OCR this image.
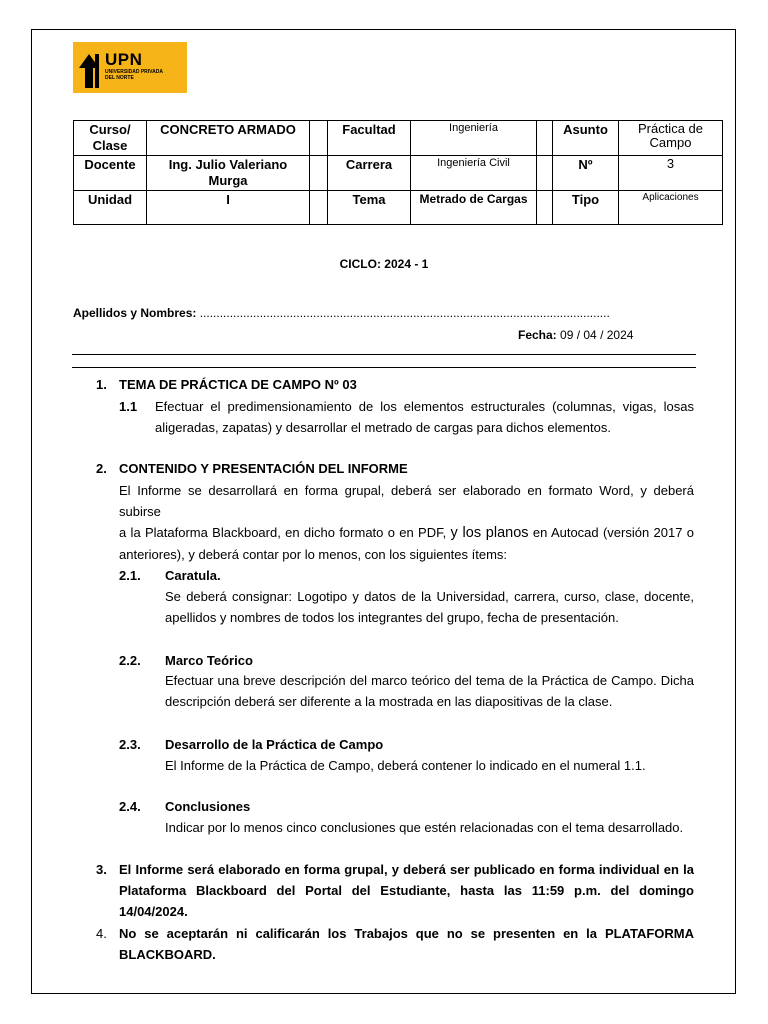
UPN
UNIVERSIDAD PRIVADA DEL NORTE
Curso/ Clase	CONCRETO ARMADO		Facultad	Ingeniería		Asunto	Práctica de Campo
Docente	Ing. Julio Valeriano Murga		Carrera	Ingeniería Civil		Nº	3
Unidad	I		Tema	Metrado de Cargas		Tipo	Aplicaciones
CICLO: 2024 - 1
Apellidos y Nombres: ...........................................................................................................................
Fecha: 09 / 04 / 2024
1. TEMA DE PRÁCTICA DE CAMPO Nº 03
1.1 Efectuar el predimensionamiento de los elementos estructurales (columnas, vigas, losas
aligeradas, zapatas) y desarrollar el metrado de cargas para dichos elementos.
2. CONTENIDO Y PRESENTACIÓN DEL INFORME
El Informe se desarrollará en forma grupal, deberá ser elaborado en formato Word, y deberá subirse
a la Plataforma Blackboard, en dicho formato o en PDF, y los planos en Autocad (versión 2017 o
anteriores), y deberá contar por lo menos, con los siguientes ítems:
2.1. Caratula.
Se deberá consignar: Logotipo y datos de la Universidad, carrera, curso, clase, docente,
apellidos y nombres de todos los integrantes del grupo, fecha de presentación.
2.2. Marco Teórico
Efectuar una breve descripción del marco teórico del tema de la Práctica de Campo. Dicha
descripción deberá ser diferente a la mostrada en las diapositivas de la clase.
2.3. Desarrollo de la Práctica de Campo
El Informe de la Práctica de Campo, deberá contener lo indicado en el numeral 1.1.
2.4. Conclusiones
Indicar por lo menos cinco conclusiones que estén relacionadas con el tema desarrollado.
3. El Informe será elaborado en forma grupal, y deberá ser publicado en forma individual en la
Plataforma Blackboard del Portal del Estudiante, hasta las 11:59 p.m. del domingo 14/04/2024.
4. No se aceptarán ni calificarán los Trabajos que no se presenten en la PLATAFORMA
BLACKBOARD.
